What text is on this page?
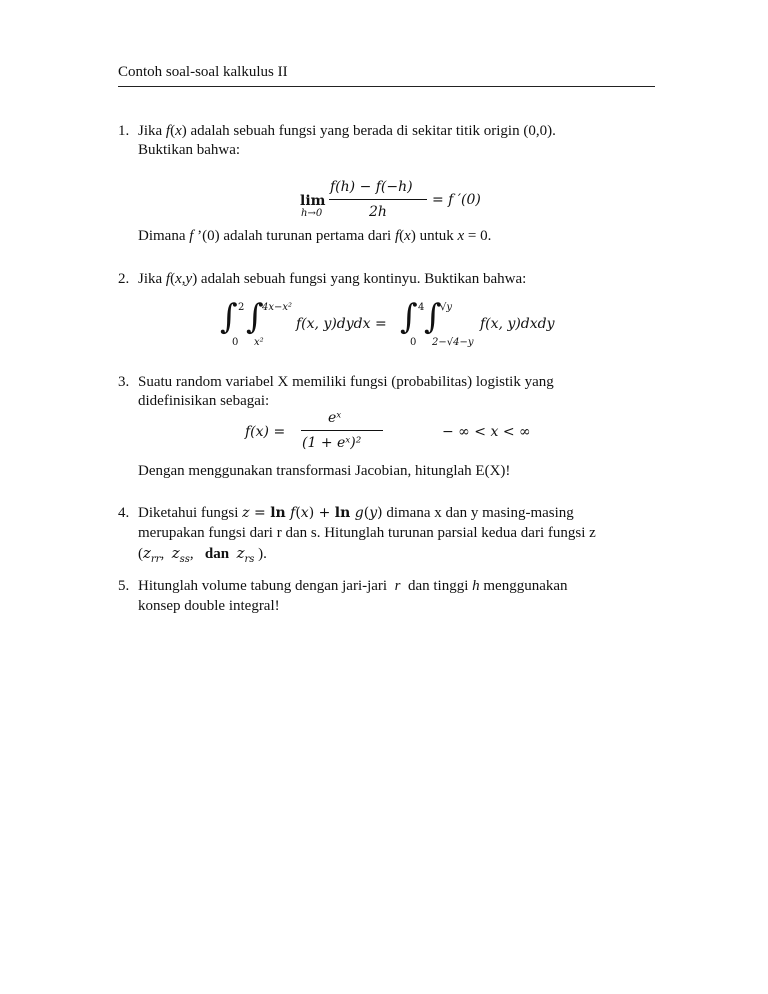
Contoh soal-soal kalkulus II
1. Jika f(x) adalah sebuah fungsi yang berada di sekitar titik origin (0,0).
Buktikan bahwa:
lim
h→0
f(h) − f(−h)
2h
= f ′(0)
Dimana f ’(0) adalah turunan pertama dari f(x) untuk x = 0.
2. Jika f(x,y) adalah sebuah fungsi yang kontinyu. Buktikan bahwa:
∫ 2
0
∫
4x−x²
x²
f(x, y)dydx = ∫ 4
0
∫
√y
2−√4−y
f(x, y)dxdy
3. Suatu random variabel X memiliki fungsi (probabilitas) logistik yang
didefinisikan sebagai:
f(x) =
eˣ
(1 + eˣ)²
− ∞ < x < ∞
Dengan menggunakan transformasi Jacobian, hitunglah E(X)!
4. Diketahui fungsi z = ln f(x) + ln g(y) dimana x dan y masing-masing
merupakan fungsi dari r dan s. Hitunglah turunan parsial kedua dari fungsi z
($z_{rr}$,  $z_{ss}$,   dan $z_{rs}$ ).
5. Hitunglah volume tabung dengan jari-jari  r  dan tinggi h menggunakan
konsep double integral!
